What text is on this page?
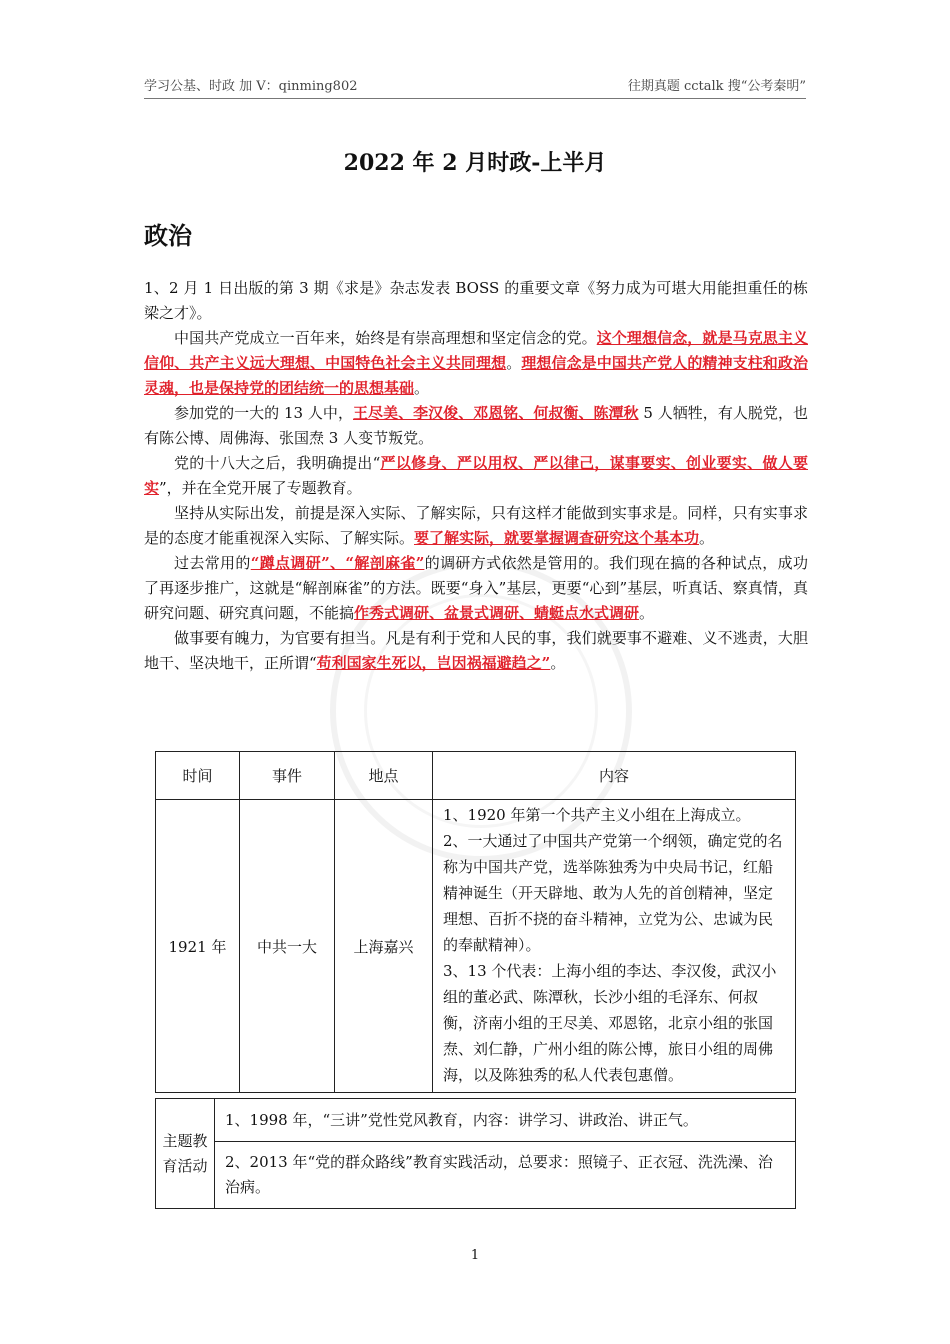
学习公基、时政 加 V：qinming802	往期真题 cctalk 搜“公考秦明”
2022 年 2 月时政-上半月
政治

1、2 月 1 日出版的第 3 期《求是》杂志发表 BOSS 的重要文章《努力成为可堪大用能担重任的栋梁之才》。

中国共产党成立一百年来，始终是有崇高理想和坚定信念的党。这个理想信念，就是马克思主义信仰、共产主义远大理想、中国特色社会主义共同理想。理想信念是中国共产党人的精神支柱和政治灵魂，也是保持党的团结统一的思想基础。

参加党的一大的 13 人中，王尽美、李汉俊、邓恩铭、何叔衡、陈潭秋 5 人牺牲，有人脱党，也有陈公博、周佛海、张国焘 3 人变节叛党。

党的十八大之后，我明确提出“严以修身、严以用权、严以律己，谋事要实、创业要实、做人要实”，并在全党开展了专题教育。

坚持从实际出发，前提是深入实际、了解实际，只有这样才能做到实事求是。同样，只有实事求是的态度才能重视深入实际、了解实际。要了解实际，就要掌握调查研究这个基本功。

过去常用的“蹲点调研”、“解剖麻雀”的调研方式依然是管用的。我们现在搞的各种试点，成功了再逐步推广，这就是“解剖麻雀”的方法。既要“身入”基层，更要“心到”基层，听真话、察真情，真研究问题、研究真问题，不能搞作秀式调研、盆景式调研、蜻蜓点水式调研。

做事要有魄力，为官要有担当。凡是有利于党和人民的事，我们就要事不避难、义不逃责，大胆地干、坚决地干，正所谓“苟利国家生死以，岂因祸福避趋之”。

时间	事件	地点	内容
1921 年	中共一大	上海嘉兴	1、1920 年第一个共产主义小组在上海成立。
2、一大通过了中国共产党第一个纲领，确定党的名称为中国共产党，选举陈独秀为中央局书记，红船精神诞生（开天辟地、敢为人先的首创精神，坚定理想、百折不挠的奋斗精神，立党为公、忠诚为民的奉献精神）。
3、13 个代表：上海小组的李达、李汉俊，武汉小组的董必武、陈潭秋，长沙小组的毛泽东、何叔衡，济南小组的王尽美、邓恩铭，北京小组的张国焘、刘仁静，广州小组的陈公博，旅日小组的周佛海，以及陈独秀的私人代表包惠僧。
主题教育活动	1、1998 年，“三讲”党性党风教育，内容：讲学习、讲政治、讲正气。
2、2013 年“党的群众路线”教育实践活动，总要求：照镜子、正衣冠、洗洗澡、治治病。
1
